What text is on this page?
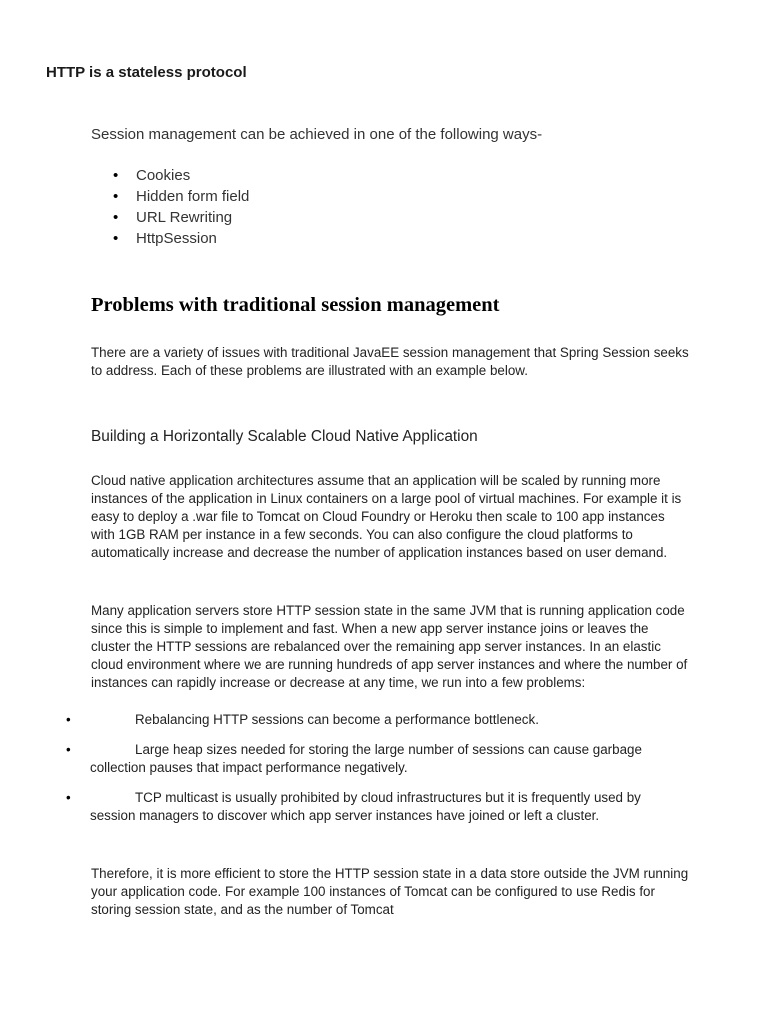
HTTP is a stateless protocol
Session management can be achieved in one of the following ways-
• Cookies
• Hidden form field
• URL Rewriting
• HttpSession
Problems with traditional session management

There are a variety of issues with traditional JavaEE session management that Spring Session seeks to address. Each of these problems are illustrated with an example below.

Building a Horizontally Scalable Cloud Native Application

Cloud native application architectures assume that an application will be scaled by running more instances of the application in Linux containers on a large pool of virtual machines. For example it is easy to deploy a .war file to Tomcat on Cloud Foundry or Heroku then scale to 100 app instances with 1GB RAM per instance in a few seconds. You can also configure the cloud platforms to automatically increase and decrease the number of application instances based on user demand.

Many application servers store HTTP session state in the same JVM that is running application code since this is simple to implement and fast. When a new app server instance joins or leaves the cluster the HTTP sessions are rebalanced over the remaining app server instances. In an elastic cloud environment where we are running hundreds of app server instances and where the number of instances can rapidly increase or decrease at any time, we run into a few problems:

•	Rebalancing HTTP sessions can become a performance bottleneck.
•	Large heap sizes needed for storing the large number of sessions can cause garbage collection pauses that impact performance negatively.
•	TCP multicast is usually prohibited by cloud infrastructures but it is frequently used by session managers to discover which app server instances have joined or left a cluster.

Therefore, it is more efficient to store the HTTP session state in a data store outside the JVM running your application code. For example 100 instances of Tomcat can be configured to use Redis for storing session state, and as the number of Tomcat
